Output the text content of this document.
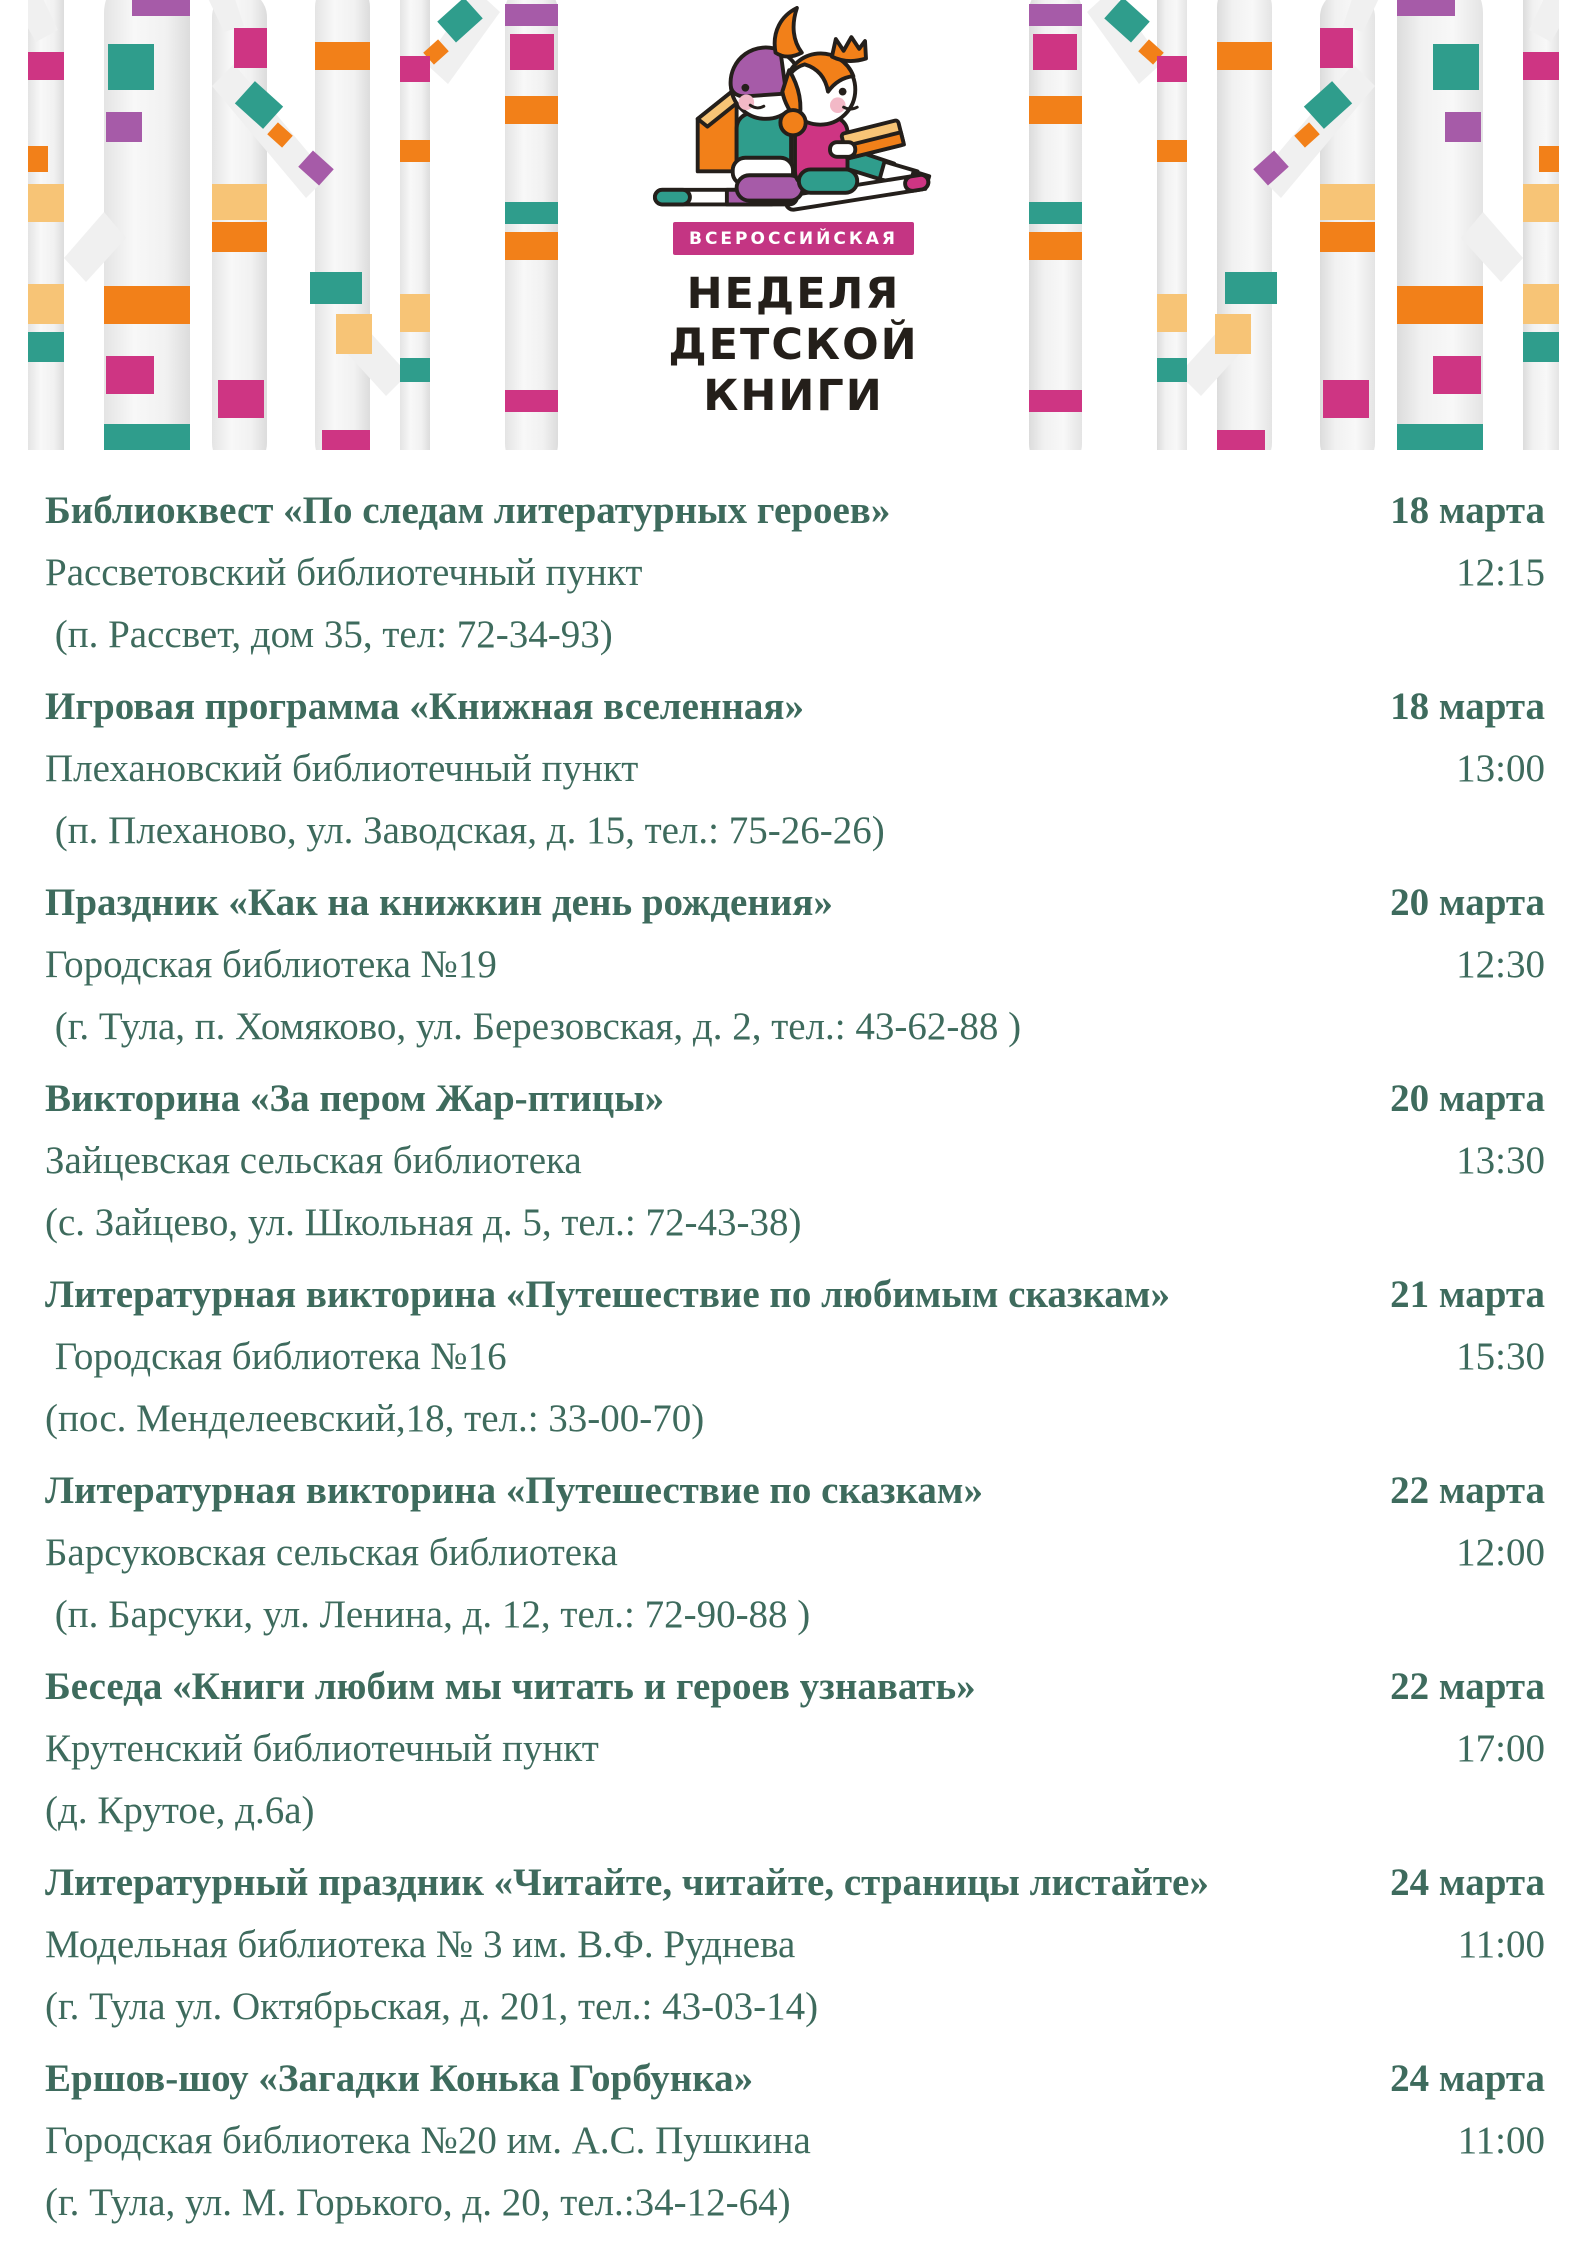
ВСЕРОССИЙСКАЯ
НЕДЕЛЯ
ДЕТСКОЙ
КНИГИ
Библиоквест «По следам литературных героев»	18 марта
Рассветовский библиотечный пункт	12:15
(п. Рассвет, дом 35, тел: 72-34-93)
Игровая программа «Книжная вселенная»	18 марта
Плехановский библиотечный пункт	13:00
(п. Плеханово, ул. Заводская, д. 15, тел.: 75-26-26)
Праздник «Как на книжкин день рождения»	20 марта
Городская библиотека №19	12:30
(г. Тула, п. Хомяково, ул. Березовская, д. 2, тел.: 43-62-88 )
Викторина «За пером Жар-птицы»	20 марта
Зайцевская сельская библиотека	13:30
(с. Зайцево, ул. Школьная д. 5, тел.: 72-43-38)
Литературная викторина «Путешествие по любимым сказкам»	21 марта
Городская библиотека №16	15:30
(пос. Менделеевский,18, тел.: 33-00-70)
Литературная викторина «Путешествие по сказкам»	22 марта
Барсуковская сельская библиотека	12:00
(п. Барсуки, ул. Ленина, д. 12, тел.: 72-90-88 )
Беседа «Книги любим мы читать и героев узнавать»	22 марта
Крутенский библиотечный пункт	17:00
(д. Крутое, д.6а)
Литературный праздник «Читайте, читайте, страницы листайте»	24 марта
Модельная библиотека № 3 им. В.Ф. Руднева	11:00
(г. Тула ул. Октябрьская, д. 201, тел.: 43-03-14)
Ершов-шоу «Загадки Конька Горбунка»	24 марта
Городская библиотека №20 им. А.С. Пушкина	11:00
(г. Тула, ул. М. Горького, д. 20, тел.:34-12-64)
